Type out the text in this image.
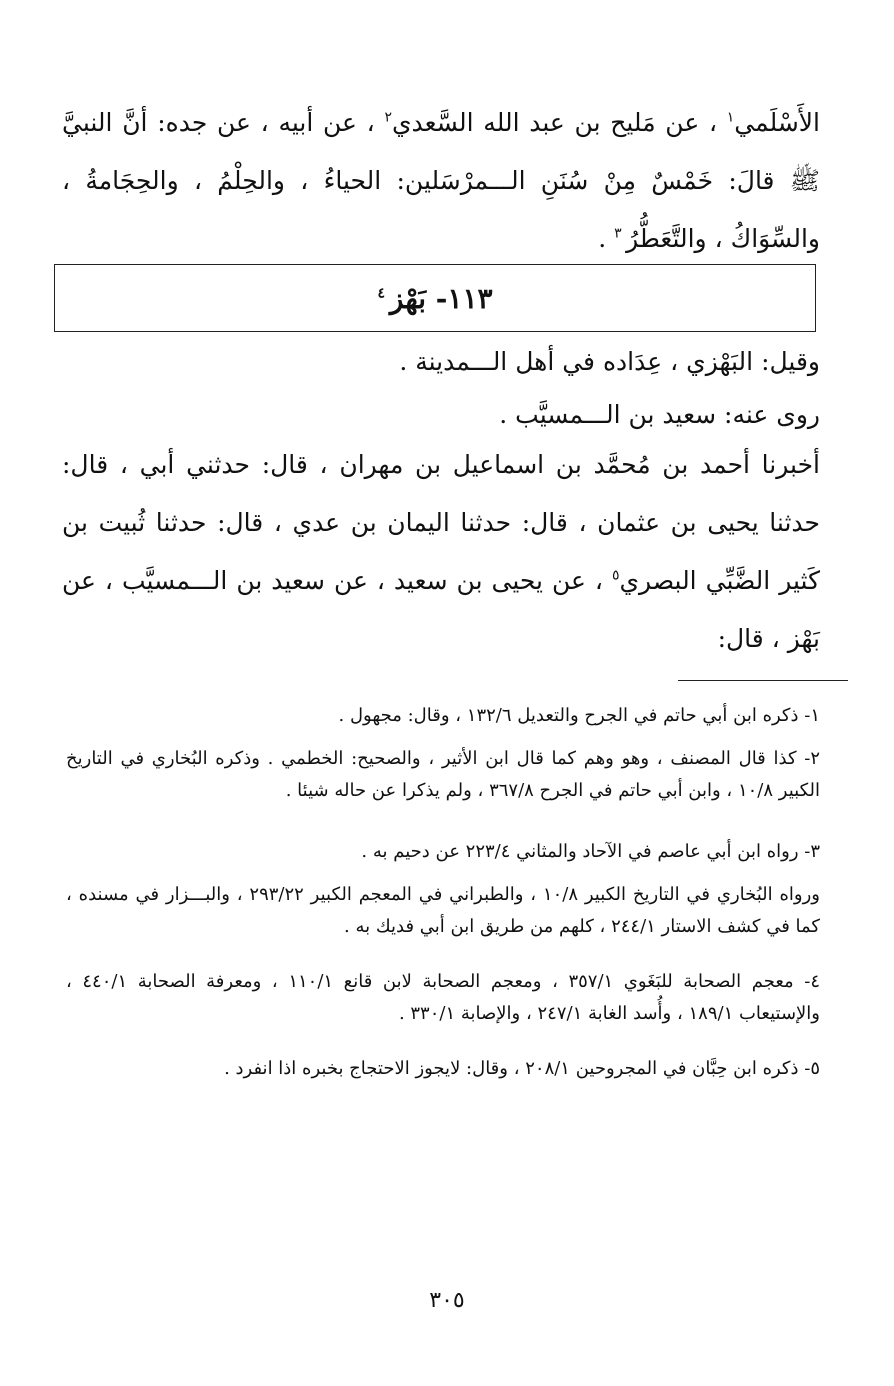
الأَسْلَمي$^١$ ، عن مَليح بن عبد الله السَّعدي$^٢$ ، عن أبيه ، عن جده: أنَّ النبيَّ ﷺ قالَ: خَمْسٌ مِنْ سُنَنِ الـــمرْسَلين: الحياءُ ، والحِلْمُ ، والحِجَامةُ ، والسِّوَاكُ ، والتَّعَطُّرُ $^٣$ .

١١٣- بَهْز $^٤$

وقيل: البَهْزي ، عِدَاده في أهل الـــمدينة .

روى عنه: سعيد بن الـــمسيَّب .

أخبرنا أحمد بن مُحمَّد بن اسماعيل بن مهران ، قال: حدثني أبي ، قال: حدثنا يحيى بن عثمان ، قال: حدثنا اليمان بن عدي ، قال: حدثنا ثُبيت بن كَثير الضَّبِّي البصري$^٥$ ، عن يحيى بن سعيد ، عن سعيد بن الـــمسيَّب ، عن بَهْز ، قال:

١- ذكره ابن أبي حاتم في الجرح والتعديل ١٣٢/٦ ، وقال: مجهول .

٢- كذا قال المصنف ، وهو وهم كما قال ابن الأثير ، والصحيح: الخطمي . وذكره البُخاري في التاريخ الكبير ١٠/٨ ، وابن أبي حاتم في الجرح ٣٦٧/٨ ، ولم يذكرا عن حاله شيئا .

٣- رواه ابن أبي عاصم في الآحاد والمثاني ٢٢٣/٤ عن دحيم به .

ورواه البُخاري في التاريخ الكبير ١٠/٨ ، والطبراني في المعجم الكبير ٢٩٣/٢٢ ، والبـــزار في مسنده ، كما في كشف الاستار ٢٤٤/١ ، كلهم من طريق ابن أبي فديك به .

٤- معجم الصحابة للبَغَوي ٣٥٧/١ ، ومعجم الصحابة لابن قانع ١١٠/١ ، ومعرفة الصحابة ٤٤٠/١ ، والإستيعاب ١٨٩/١ ، وأُسد الغابة ٢٤٧/١ ، والإصابة ٣٣٠/١ .

٥- ذكره ابن حِبَّان في المجروحين ٢٠٨/١ ، وقال: لايجوز الاحتجاج بخبره اذا انفرد .

٣٠٥
